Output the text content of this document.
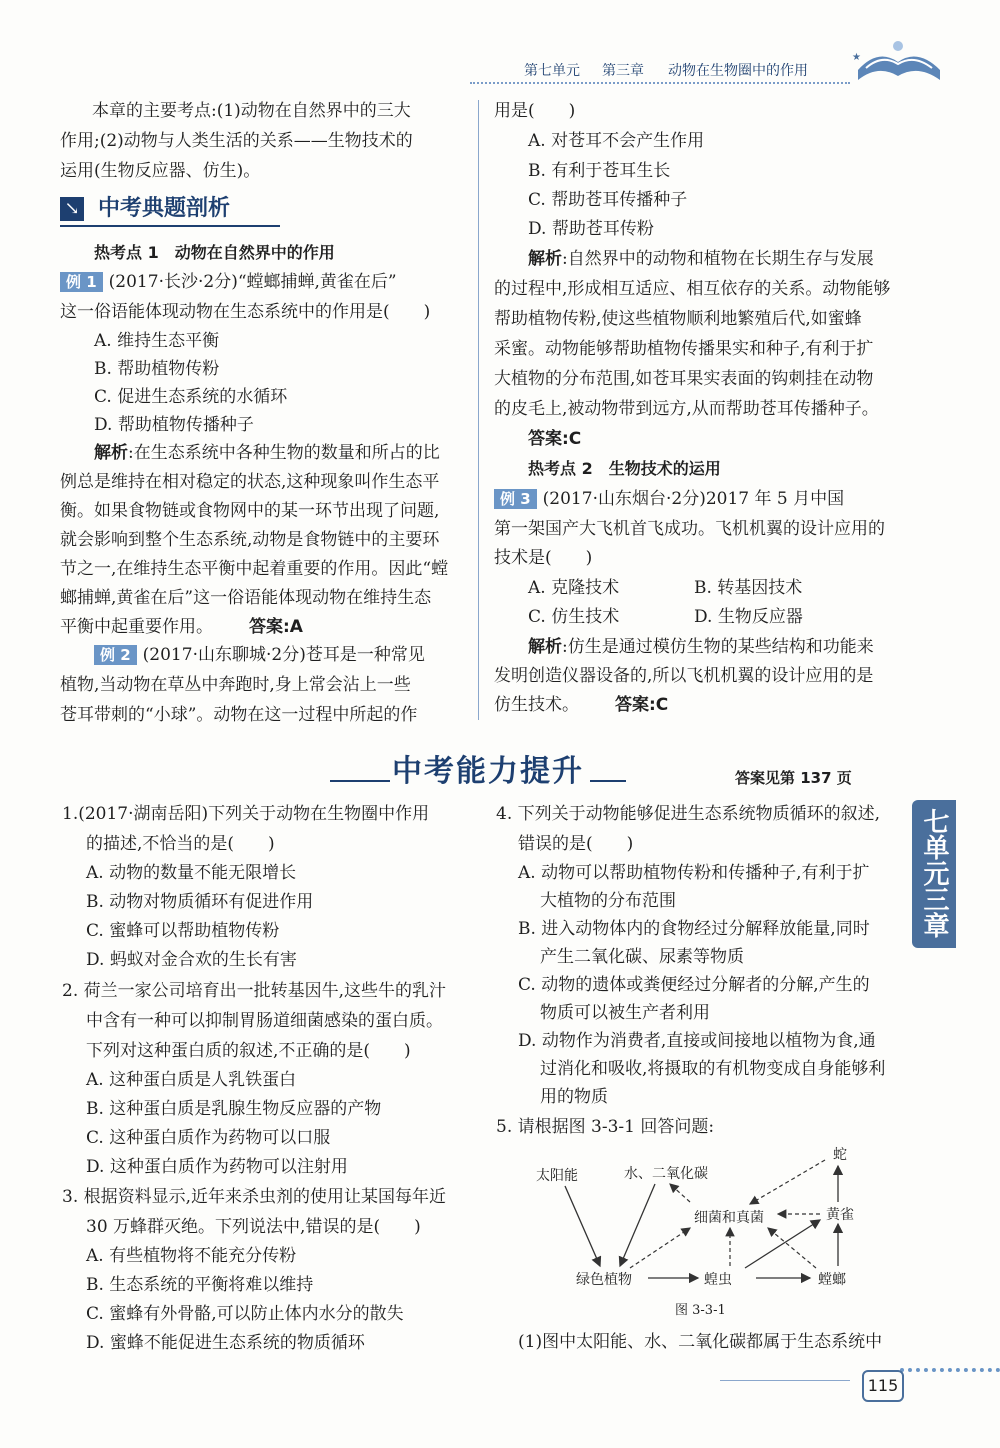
第七单元 第三章 动物在生物圈中的作用
★
本章的主要考点:(1)动物在自然界中的三大
作用;(2)动物与人类生活的关系——生物技术的
运用(生物反应器、仿生)。
↘ 中考典题剖析
热考点 1　动物在自然界中的作用
例 1 (2017·长沙·2分)“螳螂捕蝉,黄雀在后”
这一俗语能体现动物在生态系统中的作用是(　　)
A. 维持生态平衡
B. 帮助植物传粉
C. 促进生态系统的水循环
D. 帮助植物传播种子
解析:在生态系统中各种生物的数量和所占的比
例总是维持在相对稳定的状态,这种现象叫作生态平
衡。如果食物链或食物网中的某一环节出现了问题,
就会影响到整个生态系统,动物是食物链中的主要环
节之一,在维持生态平衡中起着重要的作用。因此“螳
螂捕蝉,黄雀在后”这一俗语能体现动物在维持生态
平衡中起重要作用。 答案:A
例 2 (2017·山东聊城·2分)苍耳是一种常见
植物,当动物在草丛中奔跑时,身上常会沾上一些
苍耳带刺的“小球”。动物在这一过程中所起的作
用是(　　)
A. 对苍耳不会产生作用
B. 有利于苍耳生长
C. 帮助苍耳传播种子
D. 帮助苍耳传粉
解析:自然界中的动物和植物在长期生存与发展
的过程中,形成相互适应、相互依存的关系。动物能够
帮助植物传粉,使这些植物顺利地繁殖后代,如蜜蜂
采蜜。动物能够帮助植物传播果实和种子,有利于扩
大植物的分布范围,如苍耳果实表面的钩刺挂在动物
的皮毛上,被动物带到远方,从而帮助苍耳传播种子。
答案:C
热考点 2　生物技术的运用
例 3 (2017·山东烟台·2分)2017 年 5 月中国
第一架国产大飞机首飞成功。飞机机翼的设计应用的
技术是(　　)
A. 克隆技术	B. 转基因技术
C. 仿生技术	D. 生物反应器
解析:仿生是通过模仿生物的某些结构和功能来
发明创造仪器设备的,所以飞机机翼的设计应用的是
仿生技术。 答案:C
中考能力提升	答案见第 137 页
七单元
三章
1.(2017·湖南岳阳)下列关于动物在生物圈中作用
的描述,不恰当的是(　　)
A. 动物的数量不能无限增长
B. 动物对物质循环有促进作用
C. 蜜蜂可以帮助植物传粉
D. 蚂蚁对金合欢的生长有害
2. 荷兰一家公司培育出一批转基因牛,这些牛的乳汁
中含有一种可以抑制胃肠道细菌感染的蛋白质。
下列对这种蛋白质的叙述,不正确的是(　　)
A. 这种蛋白质是人乳铁蛋白
B. 这种蛋白质是乳腺生物反应器的产物
C. 这种蛋白质作为药物可以口服
D. 这种蛋白质作为药物可以注射用
3. 根据资料显示,近年来杀虫剂的使用让某国每年近
30 万蜂群灭绝。下列说法中,错误的是(　　)
A. 有些植物将不能充分传粉
B. 生态系统的平衡将难以维持
C. 蜜蜂有外骨骼,可以防止体内水分的散失
D. 蜜蜂不能促进生态系统的物质循环
4. 下列关于动物能够促进生态系统物质循环的叙述,
错误的是(　　)
A. 动物可以帮助植物传粉和传播种子,有利于扩
大植物的分布范围
B. 进入动物体内的食物经过分解释放能量,同时
产生二氧化碳、尿素等物质
C. 动物的遗体或粪便经过分解者的分解,产生的
物质可以被生产者利用
D. 动物作为消费者,直接或间接地以植物为食,通
过消化和吸收,将摄取的有机物变成自身能够利
用的物质
5. 请根据图 3-3-1 回答问题:
太阳能	水、二氧化碳
蛇
细菌和真菌	黄雀
绿色植物	蝗虫	螳螂
图 3-3-1
(1)图中太阳能、水、二氧化碳都属于生态系统中
115
